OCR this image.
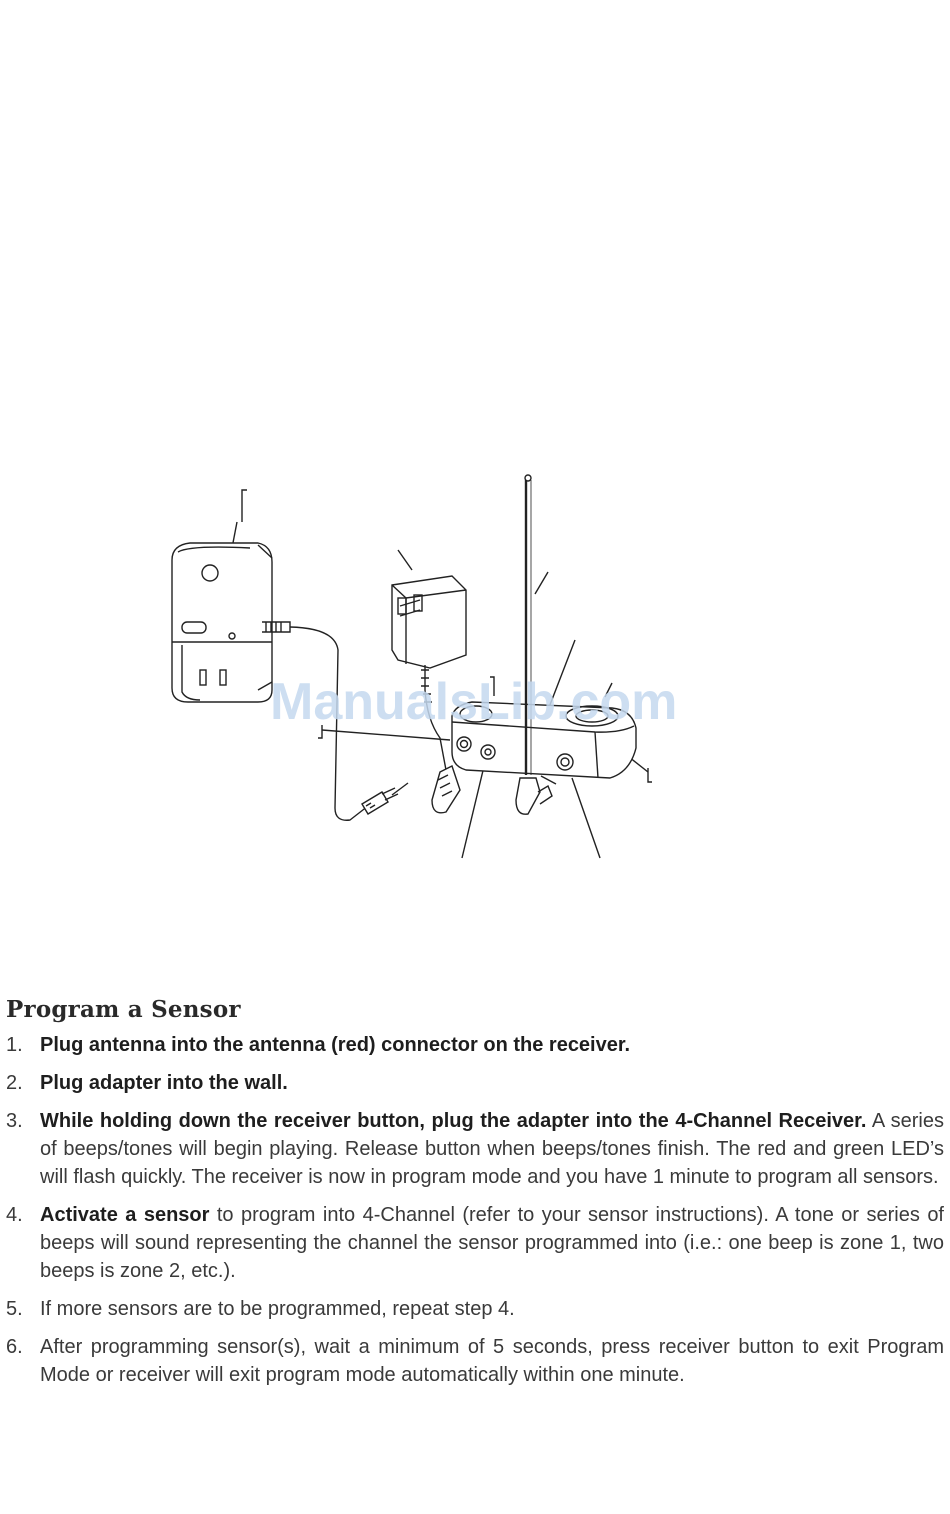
ManualsLib.com
Program a Sensor
1. Plug antenna into the antenna (red) connector on the receiver.
2. Plug adapter into the wall.
3. While holding down the receiver button, plug the adapter into the 4-Channel Receiver. A series of beeps/tones will begin playing. Release button when beeps/tones finish. The red and green LED’s will flash quickly. The receiver is now in program mode and you have 1 minute to program all sensors.
4. Activate a sensor to program into 4-Channel (refer to your sensor instructions). A tone or series of beeps will sound representing the channel the sensor programmed into (i.e.: one beep is zone 1, two beeps is zone 2, etc.).
5. If more sensors are to be programmed, repeat step 4.
6. After programming sensor(s), wait a minimum of 5 seconds, press receiver button to exit Program Mode or receiver will exit program mode automatically within one minute.
